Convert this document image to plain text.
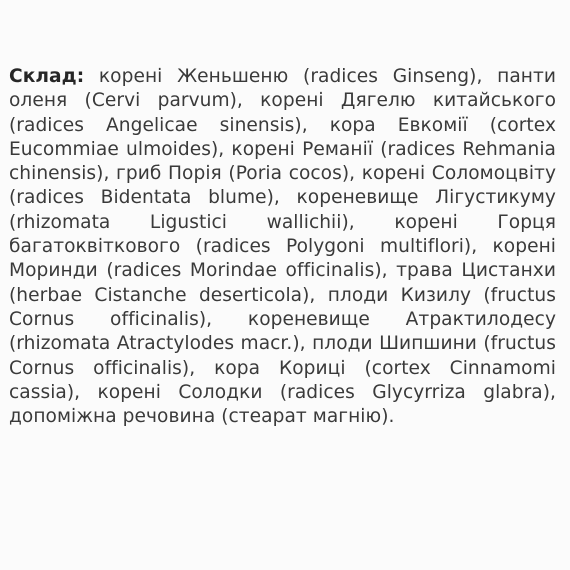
Склад: корені Женьшеню (radices Ginseng), панти оленя (Cervi parvum), корені Дягелю китайського (radices Angelicae sinensis), кора Евкомії (cortex Eucommiae ulmoides), корені Реманії (radices Rehmania chinensis), гриб Порія (Poria cocos), корені Соломоцвіту (radices Bidentata blume), кореневище Лігустикуму (rhizomata Ligustici wallichii), корені Горця багатоквіткового (radices Polygoni multiflori), корені Моринди (radices Morindae officinalis), трава Цистанхи (herbae Cistanche deserticola), плоди Кизилу (fructus Cornus officinalis), кореневище Атрактилодесу (rhizomata Atractylodes macr.), плоди Шипшини (fructus Cornus officinalis), кора Кориці (cortex Cinnamomi cassia), корені Солодки (radices Glycyrriza glabra), допоміжна речовина (стеарат магнію).
